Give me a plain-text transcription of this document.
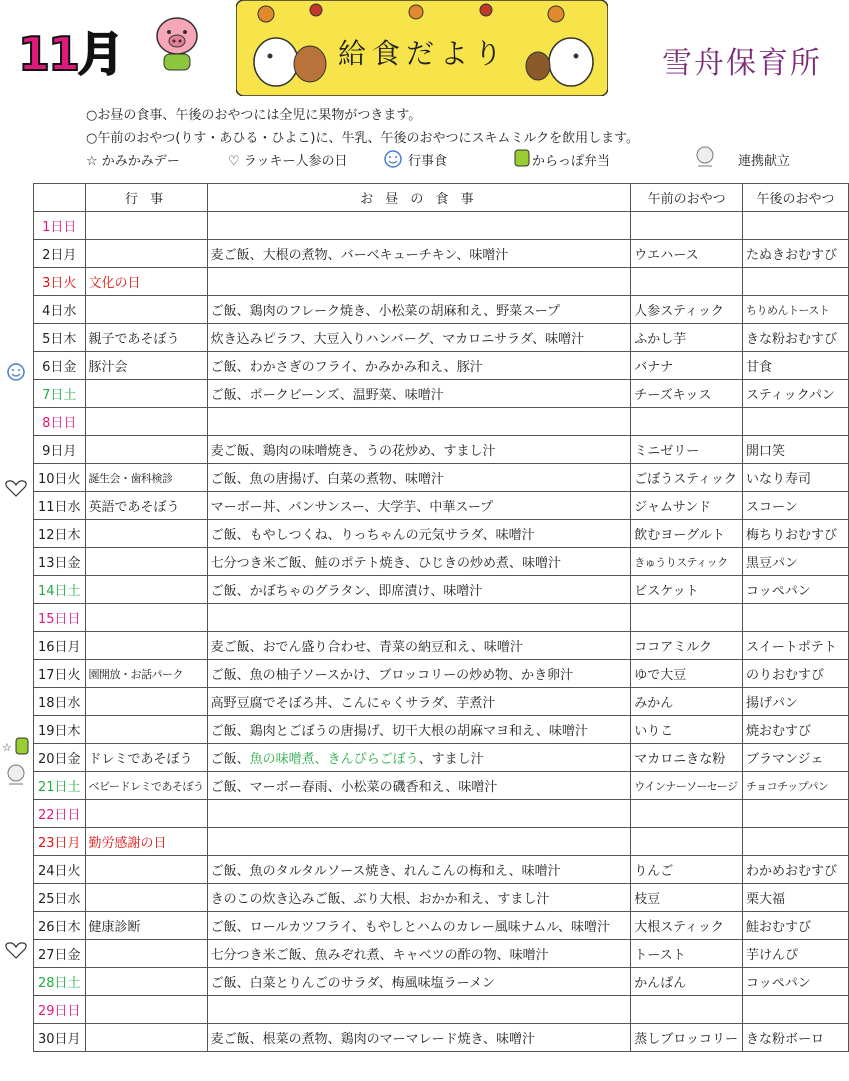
11月	給食だより	雪舟保育所
○お昼の食事、午後のおやつには全児に果物がつきます。
○午前のおやつ(りす・あひる・ひよこ)に、牛乳、午後のおやつにスキムミルクを飲用します。
☆ かみかみデー	♡ ラッキー人参の日	行事食	からっぽ弁当	連携献立
☆
	行 事	お 昼 の 食 事	午前のおやつ	午後のおやつ
1日日				
2日月		麦ご飯、大根の煮物、バーベキューチキン、味噌汁	ウエハース	たぬきおむすび
3日火	文化の日			
4日水		ご飯、鶏肉のフレーク焼き、小松菜の胡麻和え、野菜スープ	人参スティック	ちりめんトースト
5日木	親子であそぼう	炊き込みピラフ、大豆入りハンバーグ、マカロニサラダ、味噌汁	ふかし芋	きな粉おむすび
6日金	豚汁会	ご飯、わかさぎのフライ、かみかみ和え、豚汁	バナナ	甘食
7日土		ご飯、ポークビーンズ、温野菜、味噌汁	チーズキッス	スティックパン
8日日				
9日月		麦ご飯、鶏肉の味噌焼き、うの花炒め、すまし汁	ミニゼリー	開口笑
10日火	誕生会・歯科検診	ご飯、魚の唐揚げ、白菜の煮物、味噌汁	ごぼうスティック	いなり寿司
11日水	英語であそぼう	マーボー丼、バンサンスー、大学芋、中華スープ	ジャムサンド	スコーン
12日木		ご飯、もやしつくね、りっちゃんの元気サラダ、味噌汁	飲むヨーグルト	梅ちりおむすび
13日金		七分つき米ご飯、鮭のポテト焼き、ひじきの炒め煮、味噌汁	きゅうりスティック	黒豆パン
14日土		ご飯、かぼちゃのグラタン、即席漬け、味噌汁	ビスケット	コッペパン
15日日				
16日月		麦ご飯、おでん盛り合わせ、青菜の納豆和え、味噌汁	ココアミルク	スイートポテト
17日火	園開放・お話パーク	ご飯、魚の柚子ソースかけ、ブロッコリーの炒め物、かき卵汁	ゆで大豆	のりおむすび
18日水		高野豆腐でそぼろ丼、こんにゃくサラダ、芋煮汁	みかん	揚げパン
19日木		ご飯、鶏肉とごぼうの唐揚げ、切干大根の胡麻マヨ和え、味噌汁	いりこ	焼おむすび
20日金	ドレミであそぼう	ご飯、魚の味噌煮、きんぴらごぼう、すまし汁	マカロニきな粉	ブラマンジェ
21日土	ベビードレミであそぼう	ご飯、マーボー春雨、小松菜の磯香和え、味噌汁	ウインナーソーセージ	チョコチップパン
22日日				
23日月	勤労感謝の日			
24日火		ご飯、魚のタルタルソース焼き、れんこんの梅和え、味噌汁	りんご	わかめおむすび
25日水		きのこの炊き込みご飯、ぶり大根、おかか和え、すまし汁	枝豆	栗大福
26日木	健康診断	ご飯、ロールカツフライ、もやしとハムのカレー風味ナムル、味噌汁	大根スティック	鮭おむすび
27日金		七分つき米ご飯、魚みぞれ煮、キャベツの酢の物、味噌汁	トースト	芋けんぴ
28日土		ご飯、白菜とりんごのサラダ、梅風味塩ラーメン	かんぱん	コッペパン
29日日				
30日月		麦ご飯、根菜の煮物、鶏肉のマーマレード焼き、味噌汁	蒸しブロッコリー	きな粉ボーロ
